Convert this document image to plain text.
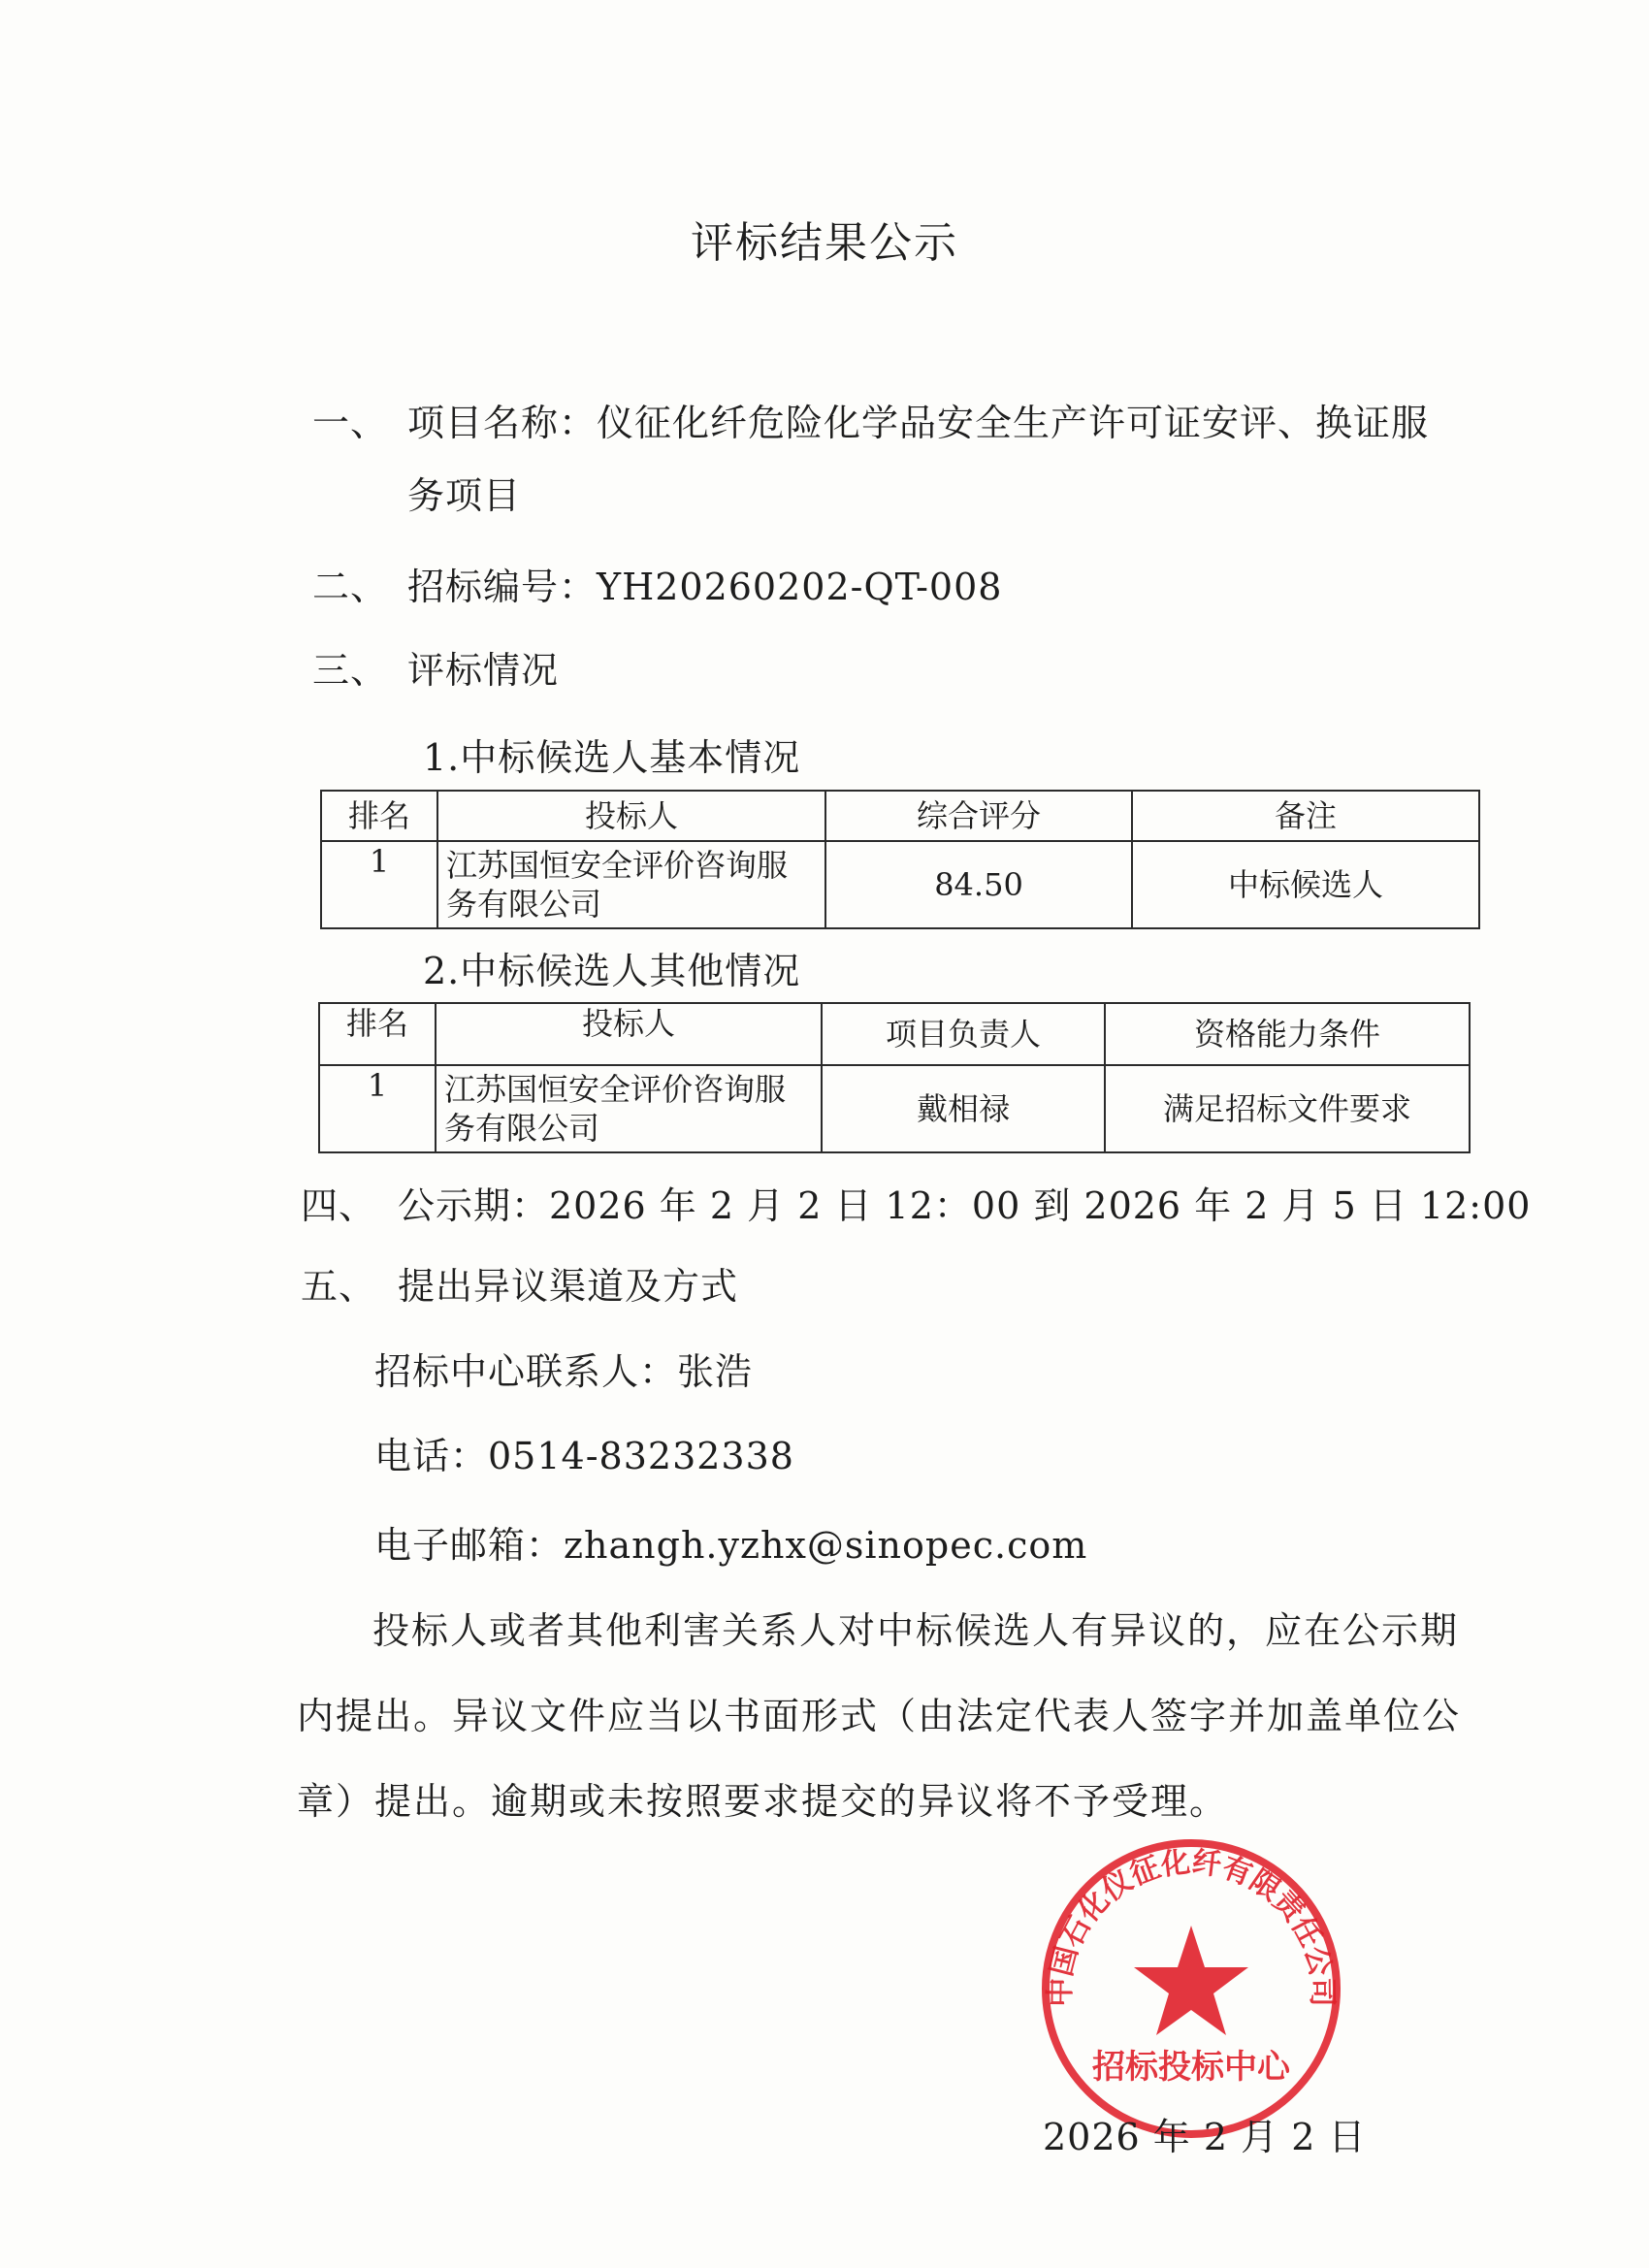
评标结果公示
一、 项目名称：仪征化纤危险化学品安全生产许可证安评、换证服
务项目
二、 招标编号：YH20260202-QT-008
三、 评标情况
1.中标候选人基本情况
排名	投标人	综合评分	备注
1	江苏国恒安全评价咨询服务有限公司	84.50	中标候选人
2.中标候选人其他情况
排名	投标人	项目负责人	资格能力条件
1	江苏国恒安全评价咨询服务有限公司	戴相禄	满足招标文件要求
四、 公示期：2026 年 2 月 2 日 12：00 到 2026 年 2 月 5 日 12:00
五、 提出异议渠道及方式
招标中心联系人：张浩
电话：0514-83232338
电子邮箱：zhangh.yzhx@sinopec.com
投标人或者其他利害关系人对中标候选人有异议的，应在公示期
内提出。异议文件应当以书面形式（由法定代表人签字并加盖单位公
章）提出。逾期或未按照要求提交的异议将不予受理。
中国石化仪征化纤有限责任公司
招标投标中心
2026 年 2 月 2 日
